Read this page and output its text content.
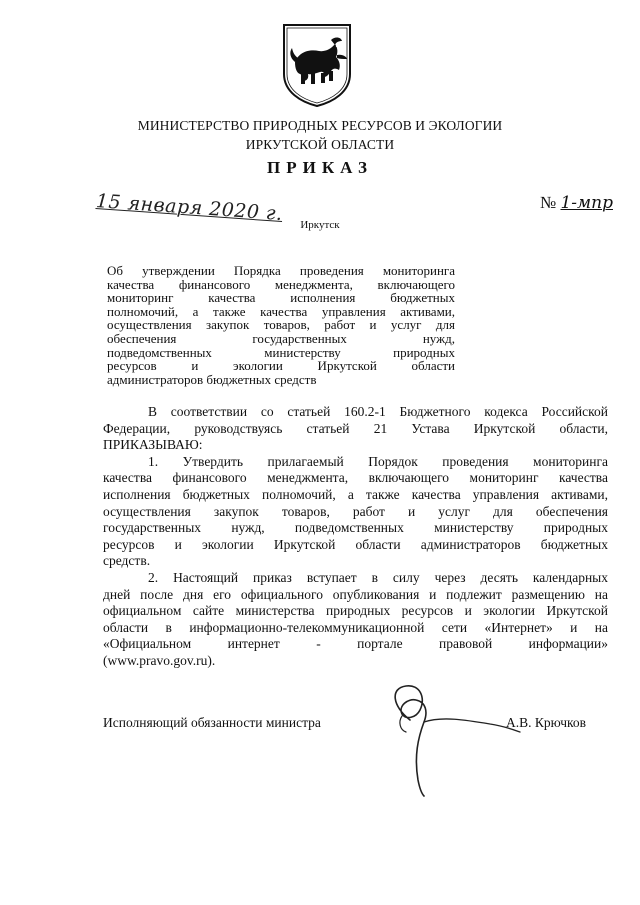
МИНИСТЕРСТВО ПРИРОДНЫХ РЕСУРСОВ И ЭКОЛОГИИ
ИРКУТСКОЙ ОБЛАСТИ
ПРИКАЗ
15 января 2020 г.	№ 1-мпр
Иркутск
Об утверждении Порядка проведения мониторинга
качества финансового менеджмента, включающего
мониторинг качества исполнения бюджетных
полномочий, а также качества управления активами,
осуществления закупок товаров, работ и услуг для
обеспечения государственных нужд,
подведомственных министерству природных
ресурсов и экологии Иркутской области
администраторов бюджетных средств
В соответствии со статьей 160.2-1 Бюджетного кодекса Российской
Федерации, руководствуясь статьей 21 Устава Иркутской области,
ПРИКАЗЫВАЮ:
1. Утвердить прилагаемый Порядок проведения мониторинга
качества финансового менеджмента, включающего мониторинг качества
исполнения бюджетных полномочий, а также качества управления активами,
осуществления закупок товаров, работ и услуг для обеспечения
государственных нужд, подведомственных министерству природных
ресурсов и экологии Иркутской области администраторов бюджетных
средств.
2. Настоящий приказ вступает в силу через десять календарных
дней после дня его официального опубликования и подлежит размещению на
официальном сайте министерства природных ресурсов и экологии Иркутской
области в информационно-телекоммуникационной сети «Интернет» и на
«Официальном интернет - портале правовой информации»
(www.pravo.gov.ru).
Исполняющий обязанности министра	А.В. Крючков
